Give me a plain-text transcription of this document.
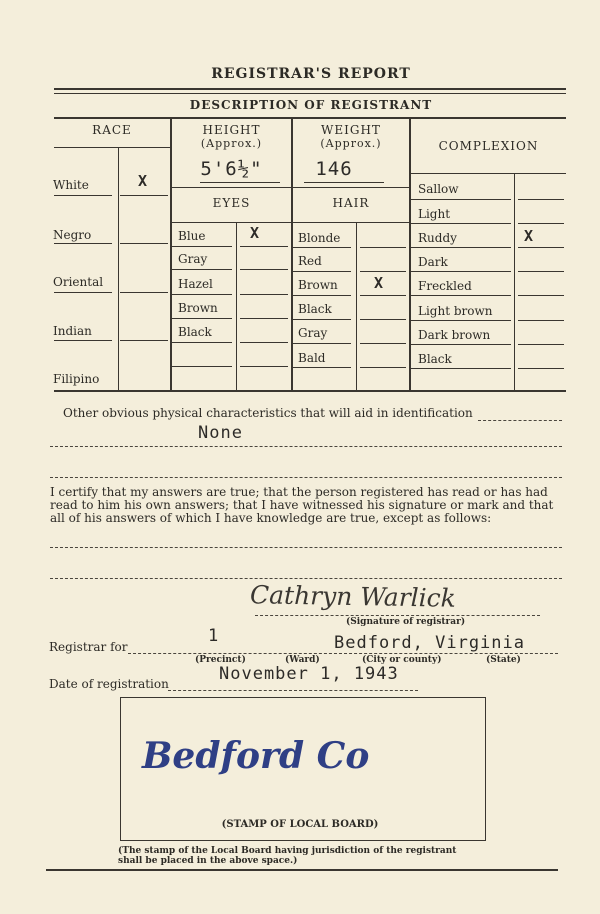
REGISTRAR'S REPORT
DESCRIPTION OF REGISTRANT
RACE	HEIGHT
(Approx.)
WEIGHT
(Approx.)	COMPLEXION
5'6½"	146
EYES	HAIR
White	X
Negro
Oriental
Indian
Filipino
Blue	X
Gray
Hazel
Brown
Black
Blonde
Red
Brown X
Black
Gray
Bald
Sallow
Light
Ruddy	X
Dark
Freckled
Light brown
Dark brown
Black
Other obvious physical characteristics that will aid in identification
None
I certify that my answers are true; that the person registered has read or has had
read to him his own answers; that I have witnessed his signature or mark and that
all of his answers of which I have knowledge are true, except as follows:
Cathryn Warlick
(Signature of registrar)
Registrar for
1	Bedford, Virginia
(Precinct)	(Ward)	(City or county)	(State)
Date of registration	November 1, 1943
Bedford Co
(STAMP OF LOCAL BOARD)
(The stamp of the Local Board having jurisdiction of the registrant
shall be placed in the above space.)
